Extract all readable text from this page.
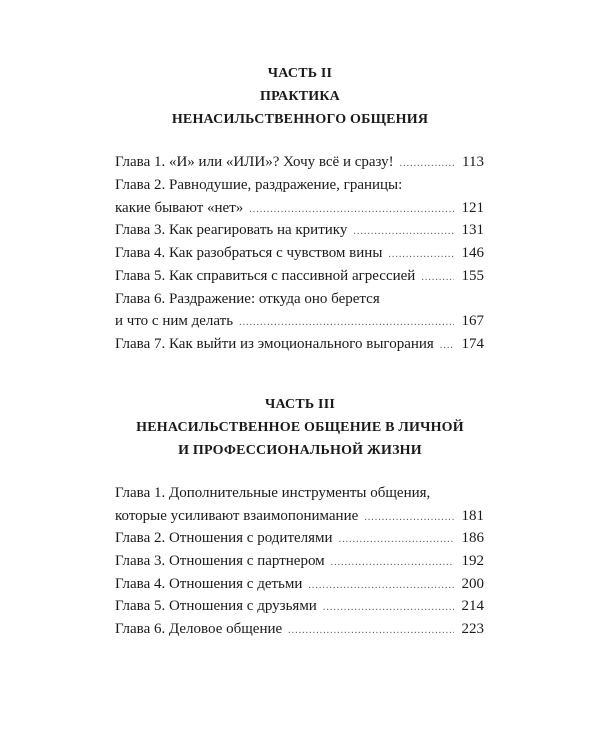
ЧАСТЬ II
ПРАКТИКА
НЕНАСИЛЬСТВЕННОГО ОБЩЕНИЯ
Глава 1. «И» или «ИЛИ»? Хочу всё и сразу! .....	113
Глава 2. Равнодушие, раздражение, границы:
какие бывают «нет» .....	121
Глава 3. Как реагировать на критику .....	131
Глава 4. Как разобраться с чувством вины .....	146
Глава 5. Как справиться с пассивной агрессией .....	155
Глава 6. Раздражение: откуда оно берется
и что с ним делать .....	167
Глава 7. Как выйти из эмоционального выгорания ..... 174
ЧАСТЬ III
НЕНАСИЛЬСТВЕННОЕ ОБЩЕНИЕ В ЛИЧНОЙ
И ПРОФЕССИОНАЛЬНОЙ ЖИЗНИ
Глава 1. Дополнительные инструменты общения,
которые усиливают взаимопонимание .....	181
Глава 2. Отношения с родителями .....	186
Глава 3. Отношения с партнером .....	192
Глава 4. Отношения с детьми .....	200
Глава 5. Отношения с друзьями .....	214
Глава 6. Деловое общение .....	223
